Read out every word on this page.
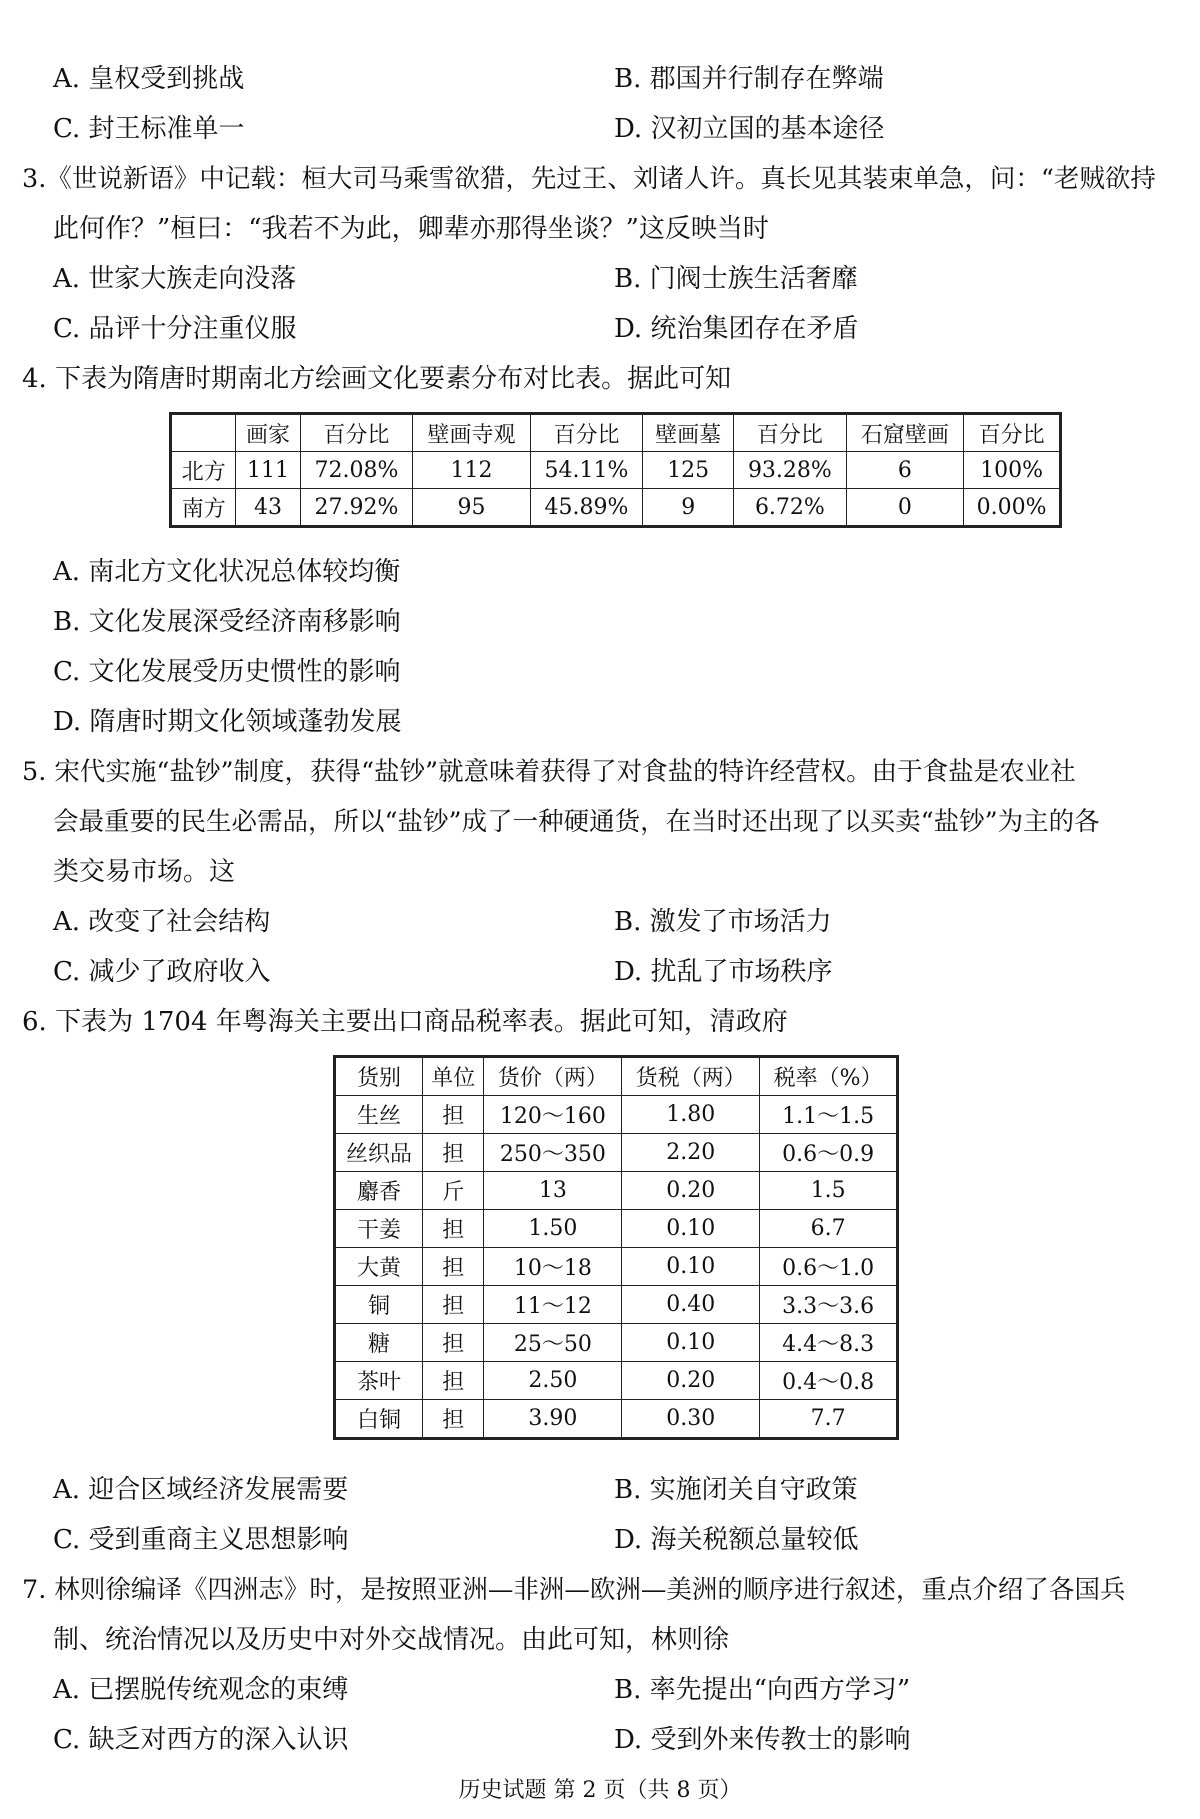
A. 皇权受到挑战	B. 郡国并行制存在弊端
C. 封王标准单一	D. 汉初立国的基本途径
3.《世说新语》中记载：桓大司马乘雪欲猎，先过王、刘诸人许。真长见其装束单急，问：“老贼欲持
此何作？”桓曰：“我若不为此，卿辈亦那得坐谈？”这反映当时
A. 世家大族走向没落	B. 门阀士族生活奢靡
C. 品评十分注重仪服	D. 统治集团存在矛盾
4. 下表为隋唐时期南北方绘画文化要素分布对比表。据此可知
	画家	百分比	壁画寺观	百分比	壁画墓	百分比	石窟壁画	百分比
北方	111	72.08%	112	54.11%	125	93.28%	6	100%
南方	43	27.92%	95	45.89%	9	6.72%	0	0.00%
A. 南北方文化状况总体较均衡
B. 文化发展深受经济南移影响
C. 文化发展受历史惯性的影响
D. 隋唐时期文化领域蓬勃发展
5. 宋代实施“盐钞”制度，获得“盐钞”就意味着获得了对食盐的特许经营权。由于食盐是农业社
会最重要的民生必需品，所以“盐钞”成了一种硬通货，在当时还出现了以买卖“盐钞”为主的各
类交易市场。这
A. 改变了社会结构	B. 激发了市场活力
C. 减少了政府收入	D. 扰乱了市场秩序
6. 下表为 1704 年粤海关主要出口商品税率表。据此可知，清政府
货别	单位	货价（两）	货税（两）	税率（%）
生丝	担	120～160	1.80	1.1～1.5
丝织品	担	250～350	2.20	0.6～0.9
麝香	斤	13	0.20	1.5
干姜	担	1.50	0.10	6.7
大黄	担	10～18	0.10	0.6～1.0
铜	担	11～12	0.40	3.3～3.6
糖	担	25～50	0.10	4.4～8.3
茶叶	担	2.50	0.20	0.4～0.8
白铜	担	3.90	0.30	7.7
A. 迎合区域经济发展需要	B. 实施闭关自守政策
C. 受到重商主义思想影响	D. 海关税额总量较低
7. 林则徐编译《四洲志》时，是按照亚洲—非洲—欧洲—美洲的顺序进行叙述，重点介绍了各国兵
制、统治情况以及历史中对外交战情况。由此可知，林则徐
A. 已摆脱传统观念的束缚	B. 率先提出“向西方学习”
C. 缺乏对西方的深入认识	D. 受到外来传教士的影响
历史试题 第 2 页（共 8 页）
